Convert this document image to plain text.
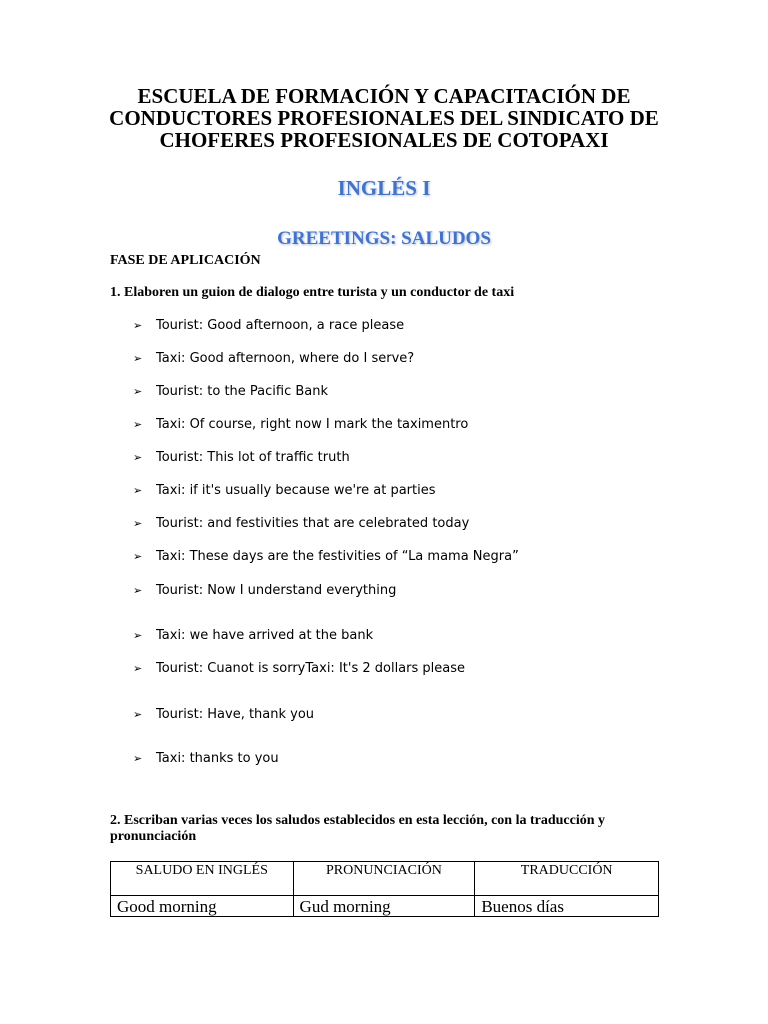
ESCUELA DE FORMACIÓN Y CAPACITACIÓN DE CONDUCTORES PROFESIONALES DEL SINDICATO DE CHOFERES PROFESIONALES DE COTOPAXI
INGLÉS I
GREETINGS: SALUDOS

FASE DE APLICACIÓN

1. Elaboren un guion de dialogo entre turista y un conductor de taxi

➢ Tourist: Good afternoon, a race please
➢ Taxi: Good afternoon, where do I serve?
➢ Tourist: to the Pacific Bank
➢ Taxi: Of course, right now I mark the taximentro
➢ Tourist: This lot of traffic truth
➢ Taxi: if it's usually because we're at parties
➢ Tourist: and festivities that are celebrated today
➢ Taxi: These days are the festivities of “La mama Negra”
➢ Tourist: Now I understand everything
➢ Taxi: we have arrived at the bank
➢ Tourist: Cuanot is sorryTaxi: It's 2 dollars please
➢ Tourist: Have, thank you
➢ Taxi: thanks to you

2. Escriban varias veces los saludos establecidos en esta lección, con la traducción y pronunciación

SALUDO EN INGLÉS	PRONUNCIACIÓN	TRADUCCIÓN
Good morning	Gud morning	Buenos días
